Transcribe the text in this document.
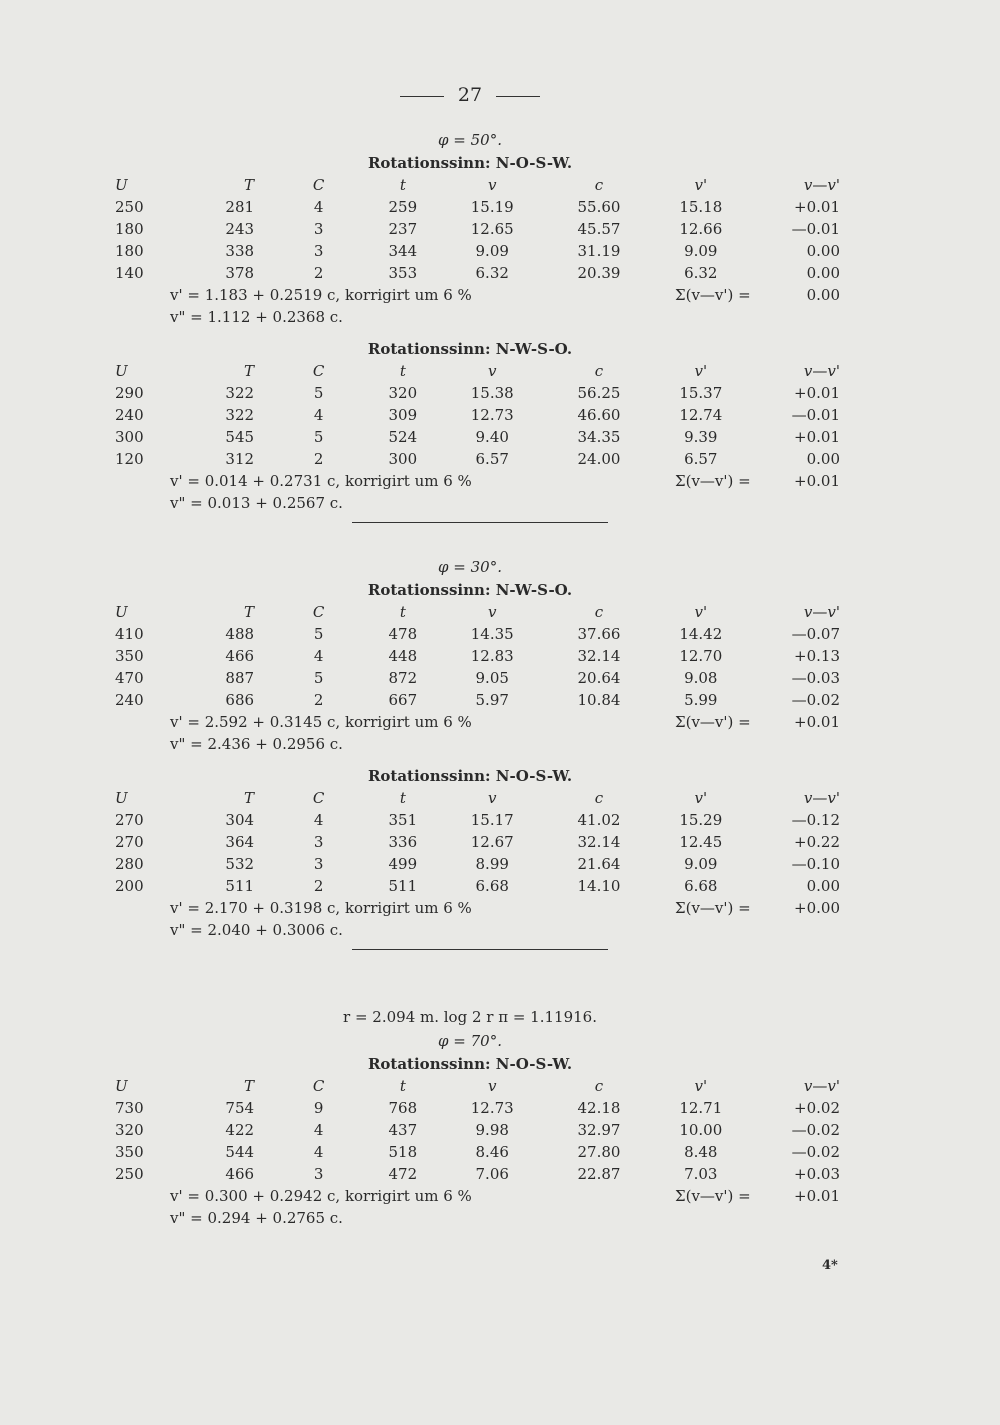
27
φ = 50°.
Rotationssinn: N-O-S-W.
U	T	C	t	v	c	v'	v—v'
250	281	4	259	15.19	55.60	15.18	+0.01
180	243	3	237	12.65	45.57	12.66	—0.01
180	338	3	344	9.09	31.19	9.09	0.00
140	378	2	353	6.32	20.39	6.32	0.00
v' = 1.183 + 0.2519 c, korrigirt um 6 %	Σ(v—v') =	0.00
v" = 1.112 + 0.2368 c.
Rotationssinn: N-W-S-O.
U	T	C	t	v	c	v'	v—v'
290	322	5	320	15.38	56.25	15.37	+0.01
240	322	4	309	12.73	46.60	12.74	—0.01
300	545	5	524	9.40	34.35	9.39	+0.01
120	312	2	300	6.57	24.00	6.57	0.00
v' = 0.014 + 0.2731 c, korrigirt um 6 %	Σ(v—v') =	+0.01
v" = 0.013 + 0.2567 c.
φ = 30°.
Rotationssinn: N-W-S-O.
U	T	C	t	v	c	v'	v—v'
410	488	5	478	14.35	37.66	14.42	—0.07
350	466	4	448	12.83	32.14	12.70	+0.13
470	887	5	872	9.05	20.64	9.08	—0.03
240	686	2	667	5.97	10.84	5.99	—0.02
v' = 2.592 + 0.3145 c, korrigirt um 6 %	Σ(v—v') =	+0.01
v" = 2.436 + 0.2956 c.
Rotationssinn: N-O-S-W.
U	T	C	t	v	c	v'	v—v'
270	304	4	351	15.17	41.02	15.29	—0.12
270	364	3	336	12.67	32.14	12.45	+0.22
280	532	3	499	8.99	21.64	9.09	—0.10
200	511	2	511	6.68	14.10	6.68	0.00
v' = 2.170 + 0.3198 c, korrigirt um 6 %	Σ(v—v') =	+0.00
v" = 2.040 + 0.3006 c.
r = 2.094 m. log 2 r π = 1.11916.
φ = 70°.
Rotationssinn: N-O-S-W.
U	T	C	t	v	c	v'	v—v'
730	754	9	768	12.73	42.18	12.71	+0.02
320	422	4	437	9.98	32.97	10.00	—0.02
350	544	4	518	8.46	27.80	8.48	—0.02
250	466	3	472	7.06	22.87	7.03	+0.03
v' = 0.300 + 0.2942 c, korrigirt um 6 %	Σ(v—v') =	+0.01
v" = 0.294 + 0.2765 c.
4*
